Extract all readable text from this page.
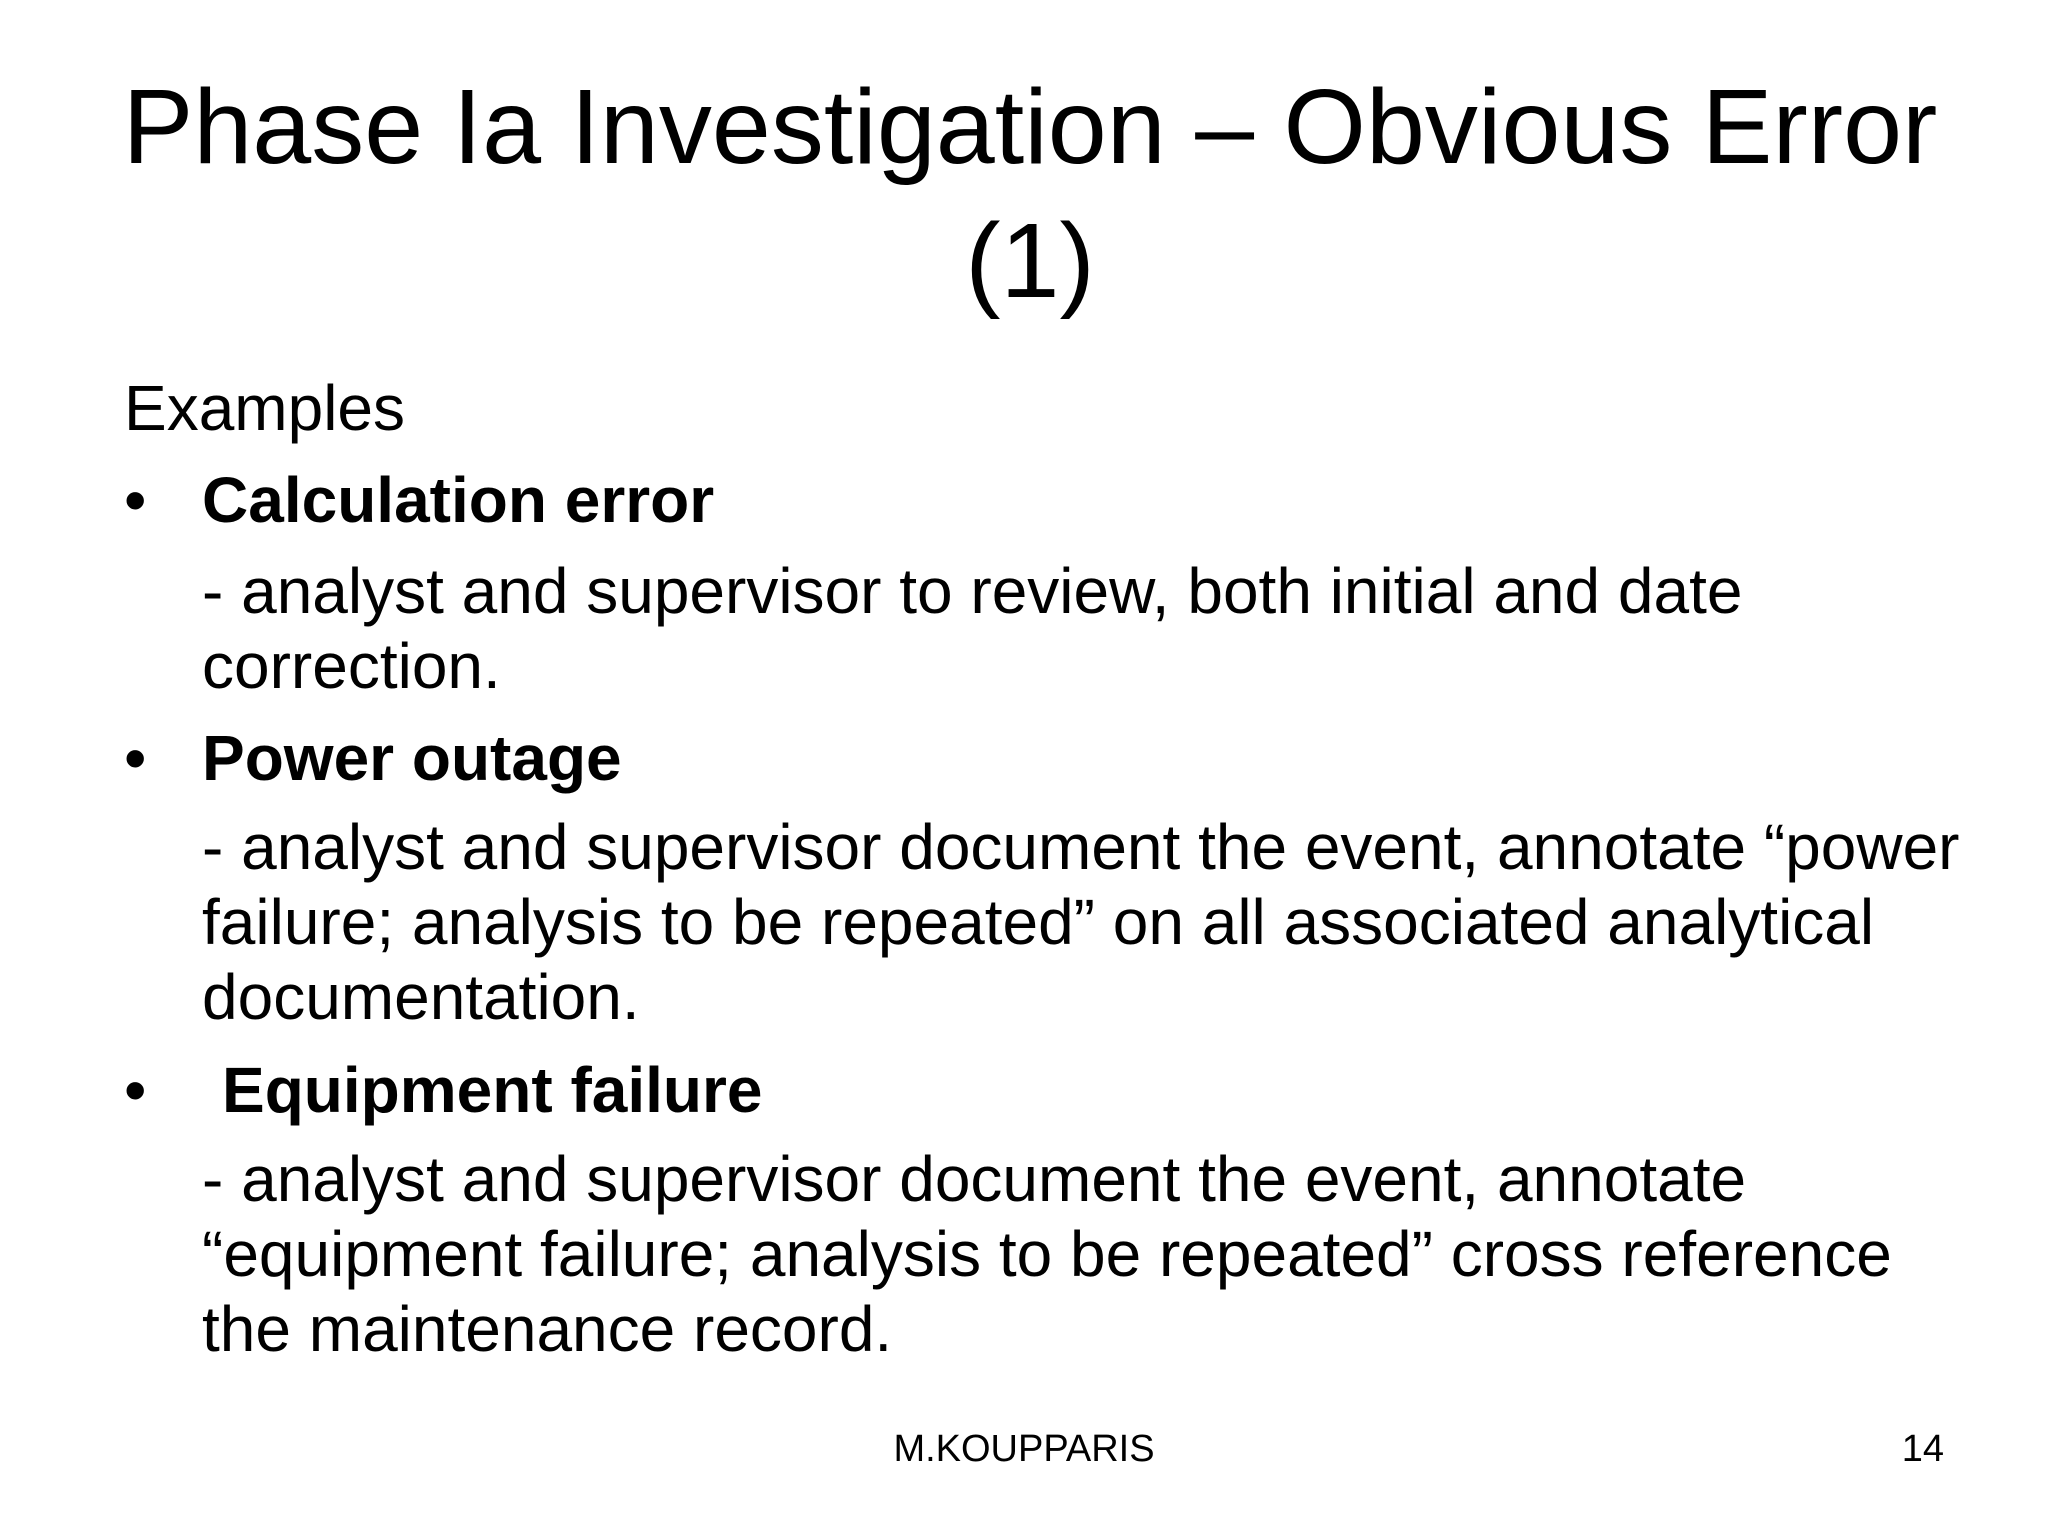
Phase Ia Investigation – Obvious Error (1)

Examples

• Calculation error

- analyst and supervisor to review, both initial and date correction.

• Power outage

- analyst and supervisor document the event, annotate “power failure; analysis to be repeated” on all associated analytical documentation.

• Equipment failure

- analyst and supervisor document the event, annotate “equipment failure; analysis to be repeated” cross reference the maintenance record.

M.KOUPPARIS	14
